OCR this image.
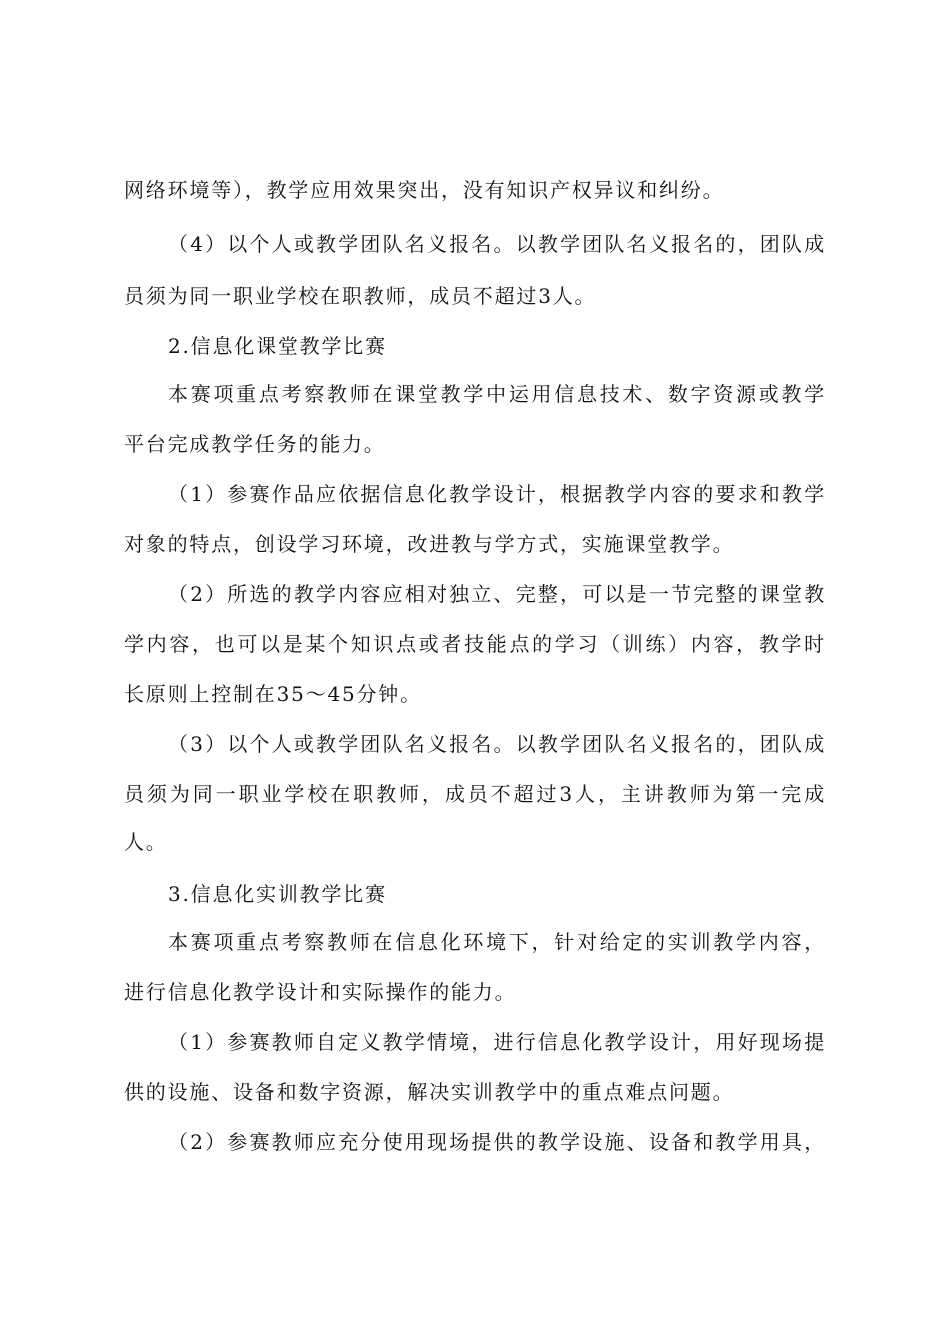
网络环境等），教学应用效果突出，没有知识产权异议和纠纷。
（4）以个人或教学团队名义报名。以教学团队名义报名的，团队成
员须为同一职业学校在职教师，成员不超过3人。
2.信息化课堂教学比赛
本赛项重点考察教师在课堂教学中运用信息技术、数字资源或教学
平台完成教学任务的能力。
（1）参赛作品应依据信息化教学设计，根据教学内容的要求和教学
对象的特点，创设学习环境，改进教与学方式，实施课堂教学。
（2）所选的教学内容应相对独立、完整，可以是一节完整的课堂教
学内容，也可以是某个知识点或者技能点的学习（训练）内容，教学时
长原则上控制在35～45分钟。
（3）以个人或教学团队名义报名。以教学团队名义报名的，团队成
员须为同一职业学校在职教师，成员不超过3人，主讲教师为第一完成
人。
3.信息化实训教学比赛
本赛项重点考察教师在信息化环境下，针对给定的实训教学内容，
进行信息化教学设计和实际操作的能力。
（1）参赛教师自定义教学情境，进行信息化教学设计，用好现场提
供的设施、设备和数字资源，解决实训教学中的重点难点问题。
（2）参赛教师应充分使用现场提供的教学设施、设备和教学用具，
